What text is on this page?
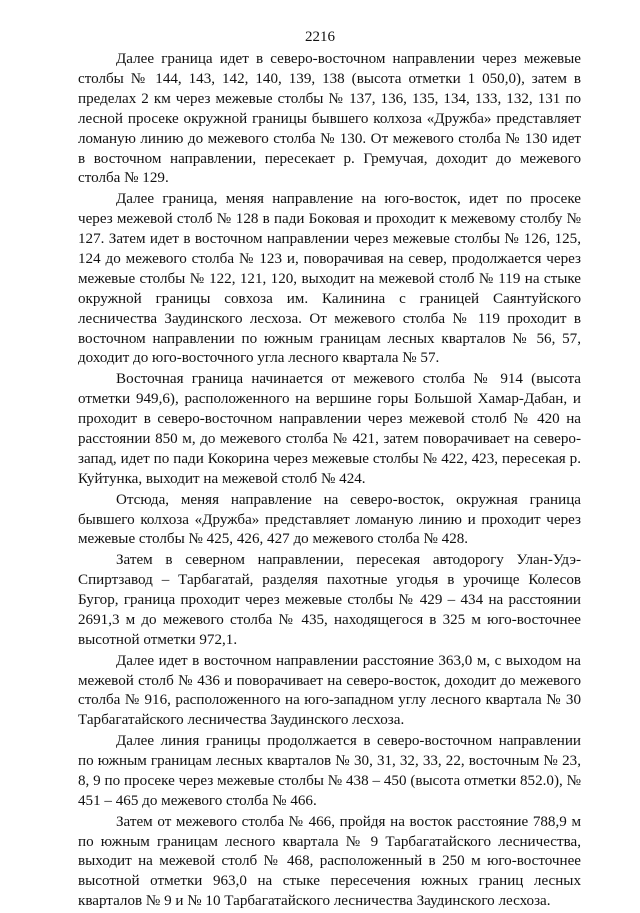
2216

Далее граница идет в северо-восточном направлении через межевые столбы № 144, 143, 142, 140, 139, 138 (высота отметки 1 050,0), затем в пределах 2 км через межевые столбы № 137, 136, 135, 134, 133, 132, 131 по лесной просеке окружной границы бывшего колхоза «Дружба» представляет ломаную линию до межевого столба № 130. От межевого столба № 130 идет в восточном направлении, пересекает р. Гремучая, доходит до межевого столба № 129.

Далее граница, меняя направление на юго-восток, идет по просеке через межевой столб № 128 в пади Боковая и проходит к межевому столбу № 127. Затем идет в восточном направлении через межевые столбы № 126, 125, 124 до межевого столба № 123 и, поворачивая на север, продолжается через межевые столбы № 122, 121, 120, выходит на межевой столб № 119 на стыке окружной границы совхоза им. Калинина с границей Саянтуйского лесничества Заудинского лесхоза. От межевого столба № 119 проходит в восточном направлении по южным границам лесных кварталов № 56, 57, доходит до юго-восточного угла лесного квартала № 57.

Восточная граница начинается от межевого столба № 914 (высота отметки 949,6), расположенного на вершине горы Большой Хамар-Дабан, и проходит в северо-восточном направлении через межевой столб № 420 на расстоянии 850 м, до межевого столба № 421, затем поворачивает на северо-запад, идет по пади Кокорина через межевые столбы № 422, 423, пересекая р. Куйтунка, выходит на межевой столб № 424.

Отсюда, меняя направление на северо-восток, окружная граница бывшего колхоза «Дружба» представляет ломаную линию и проходит через межевые столбы № 425, 426, 427 до межевого столба № 428.

Затем в северном направлении, пересекая автодорогу Улан-Удэ-Спиртзавод – Тарбагатай, разделяя пахотные угодья в урочище Колесов Бугор, граница проходит через межевые столбы № 429 – 434 на расстоянии 2691,3 м до межевого столба № 435, находящегося в 325 м юго-восточнее высотной отметки 972,1.

Далее идет в восточном направлении расстояние 363,0 м, с выходом на межевой столб № 436 и поворачивает на северо-восток, доходит до межевого столба № 916, расположенного на юго-западном углу лесного квартала № 30 Тарбагатайского лесничества Заудинского лесхоза.

Далее линия границы продолжается в северо-восточном направлении по южным границам лесных кварталов № 30, 31, 32, 33, 22, восточным № 23, 8, 9 по просеке через межевые столбы № 438 – 450 (высота отметки 852.0), № 451 – 465 до межевого столба № 466.

Затем от межевого столба № 466, пройдя на восток расстояние 788,9 м по южным границам лесного квартала № 9 Тарбагатайского лесничества, выходит на межевой столб № 468, расположенный в 250 м юго-восточнее высотной отметки 963,0 на стыке пересечения южных границ лесных кварталов № 9 и № 10 Тарбагатайского лесничества Заудинского лесхоза.
